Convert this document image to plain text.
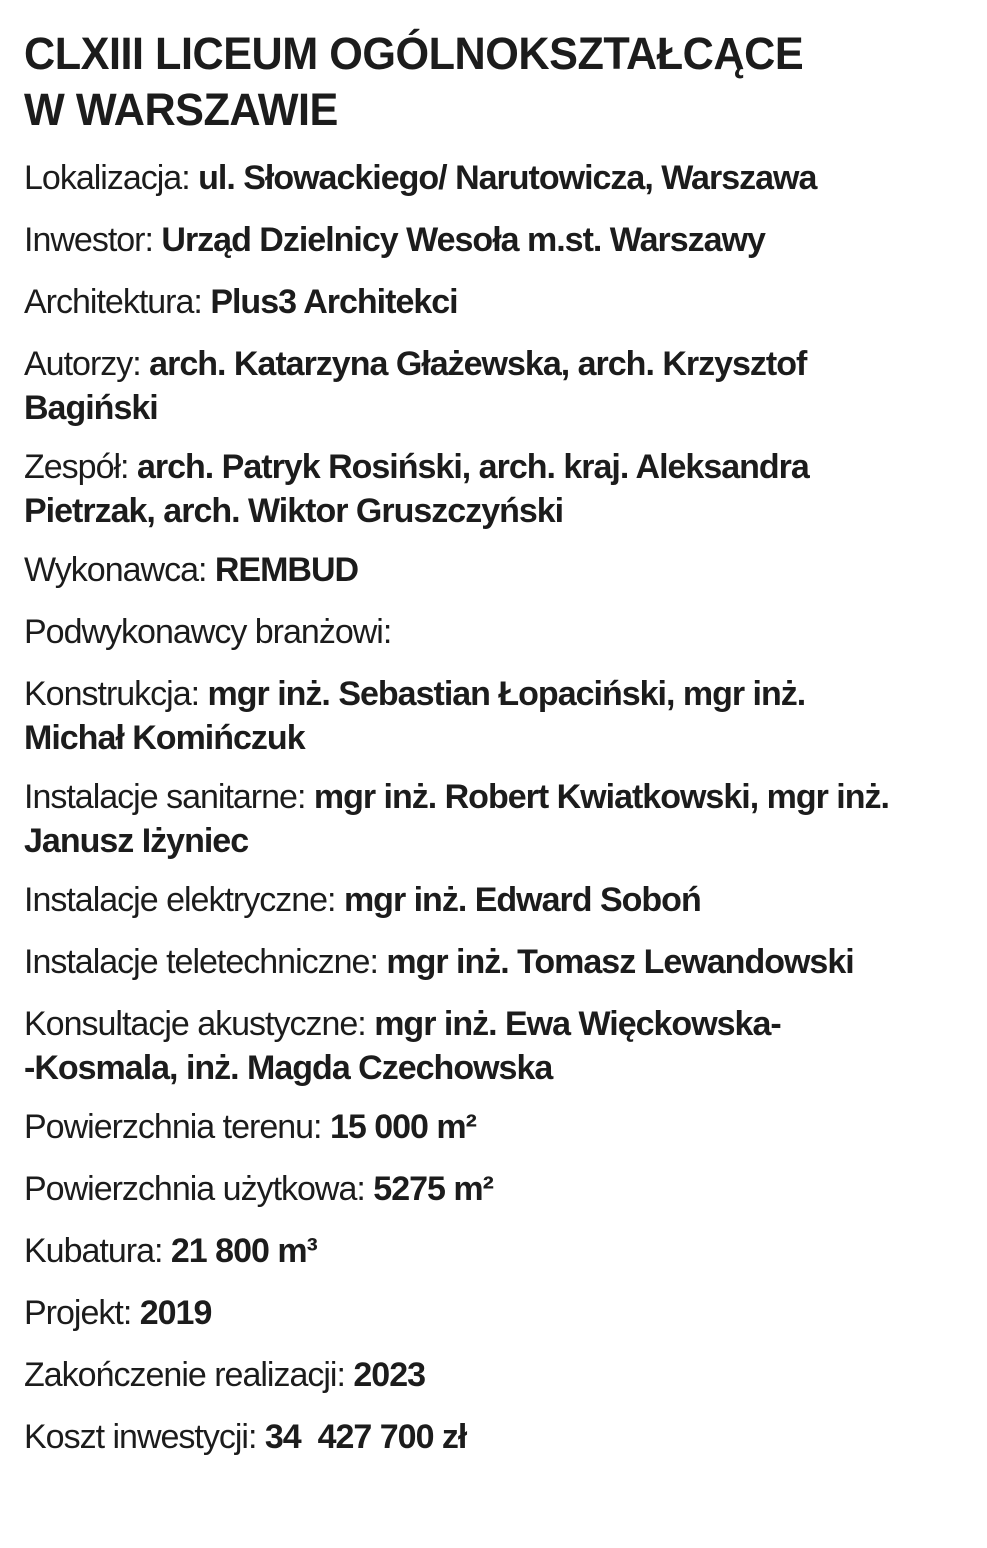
CLXIII LICEUM OGÓLNOKSZTAŁCĄCE
W WARSZAWIE
Lokalizacja: ul. Słowackiego/ Narutowicza, Warszawa
Inwestor: Urząd Dzielnicy Wesoła m.st. Warszawy
Architektura: Plus3 Architekci
Autorzy: arch. Katarzyna Głażewska, arch. Krzysztof
Bagiński
Zespół: arch. Patryk Rosiński, arch. kraj. Aleksandra
Pietrzak, arch. Wiktor Gruszczyński
Wykonawca: REMBUD
Podwykonawcy branżowi:
Konstrukcja: mgr inż. Sebastian Łopaciński, mgr inż.
Michał Komińczuk
Instalacje sanitarne: mgr inż. Robert Kwiatkowski, mgr inż.
Janusz Iżyniec
Instalacje elektryczne: mgr inż. Edward Soboń
Instalacje teletechniczne: mgr inż. Tomasz Lewandowski
Konsultacje akustyczne: mgr inż. Ewa Więckowska-
-Kosmala, inż. Magda Czechowska
Powierzchnia terenu: 15 000 m²
Powierzchnia użytkowa: 5275 m²
Kubatura: 21 800 m³
Projekt: 2019
Zakończenie realizacji: 2023
Koszt inwestycji: 34  427 700 zł
